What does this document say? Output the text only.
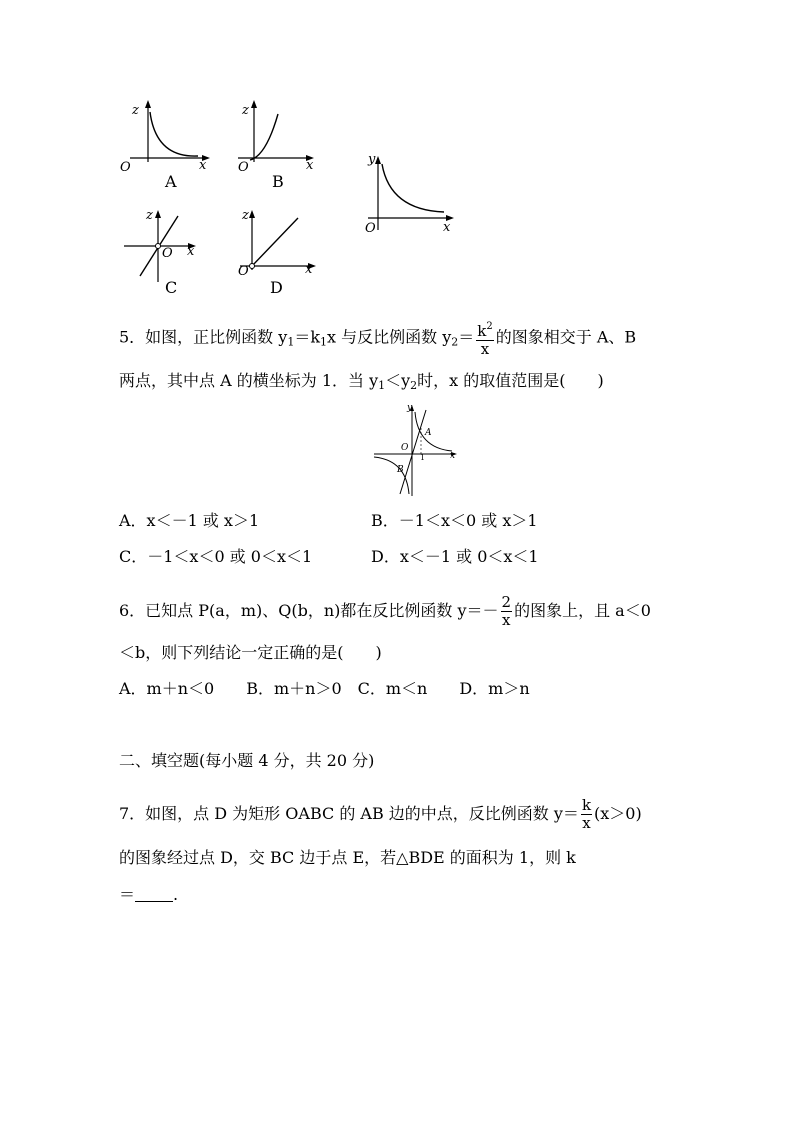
z
O	x
A
z
O	x
B
z
O x
C
z
O	x
D
y
O	x
5．如图，正比例函数 $y_1=k_1x$ 与反比例函数 $y_2= \frac{k^2}{x}$ 的图象相交于 A、B
两点，其中点 A 的横坐标为 1．当 $y_1<y_2$时，x 的取值范围是(　　)
y
O
x
A
B
1
A．x＜－1 或 x＞1	B．－1＜x＜0 或 x＞1
C．－1＜x＜0 或 0＜x＜1	D．x＜－1 或 0＜x＜1
6．已知点 P(a，m)、Q(b，n)都在反比例函数 $y=- \frac{2}{x}$ 的图象上，且 a＜0
＜b，则下列结论一定正确的是(　　)
A．m＋n＜0　　B．m＋n＞0　C．m＜n　　D．m＞n
二、填空题(每小题 4 分，共 20 分)
7．如图，点 D 为矩形 OABC 的 AB 边的中点，反比例函数 $y= \frac{k}{x} (x>0)$
的图象经过点 D，交 BC 边于点 E，若△BDE 的面积为 1，则 k
＝ .
